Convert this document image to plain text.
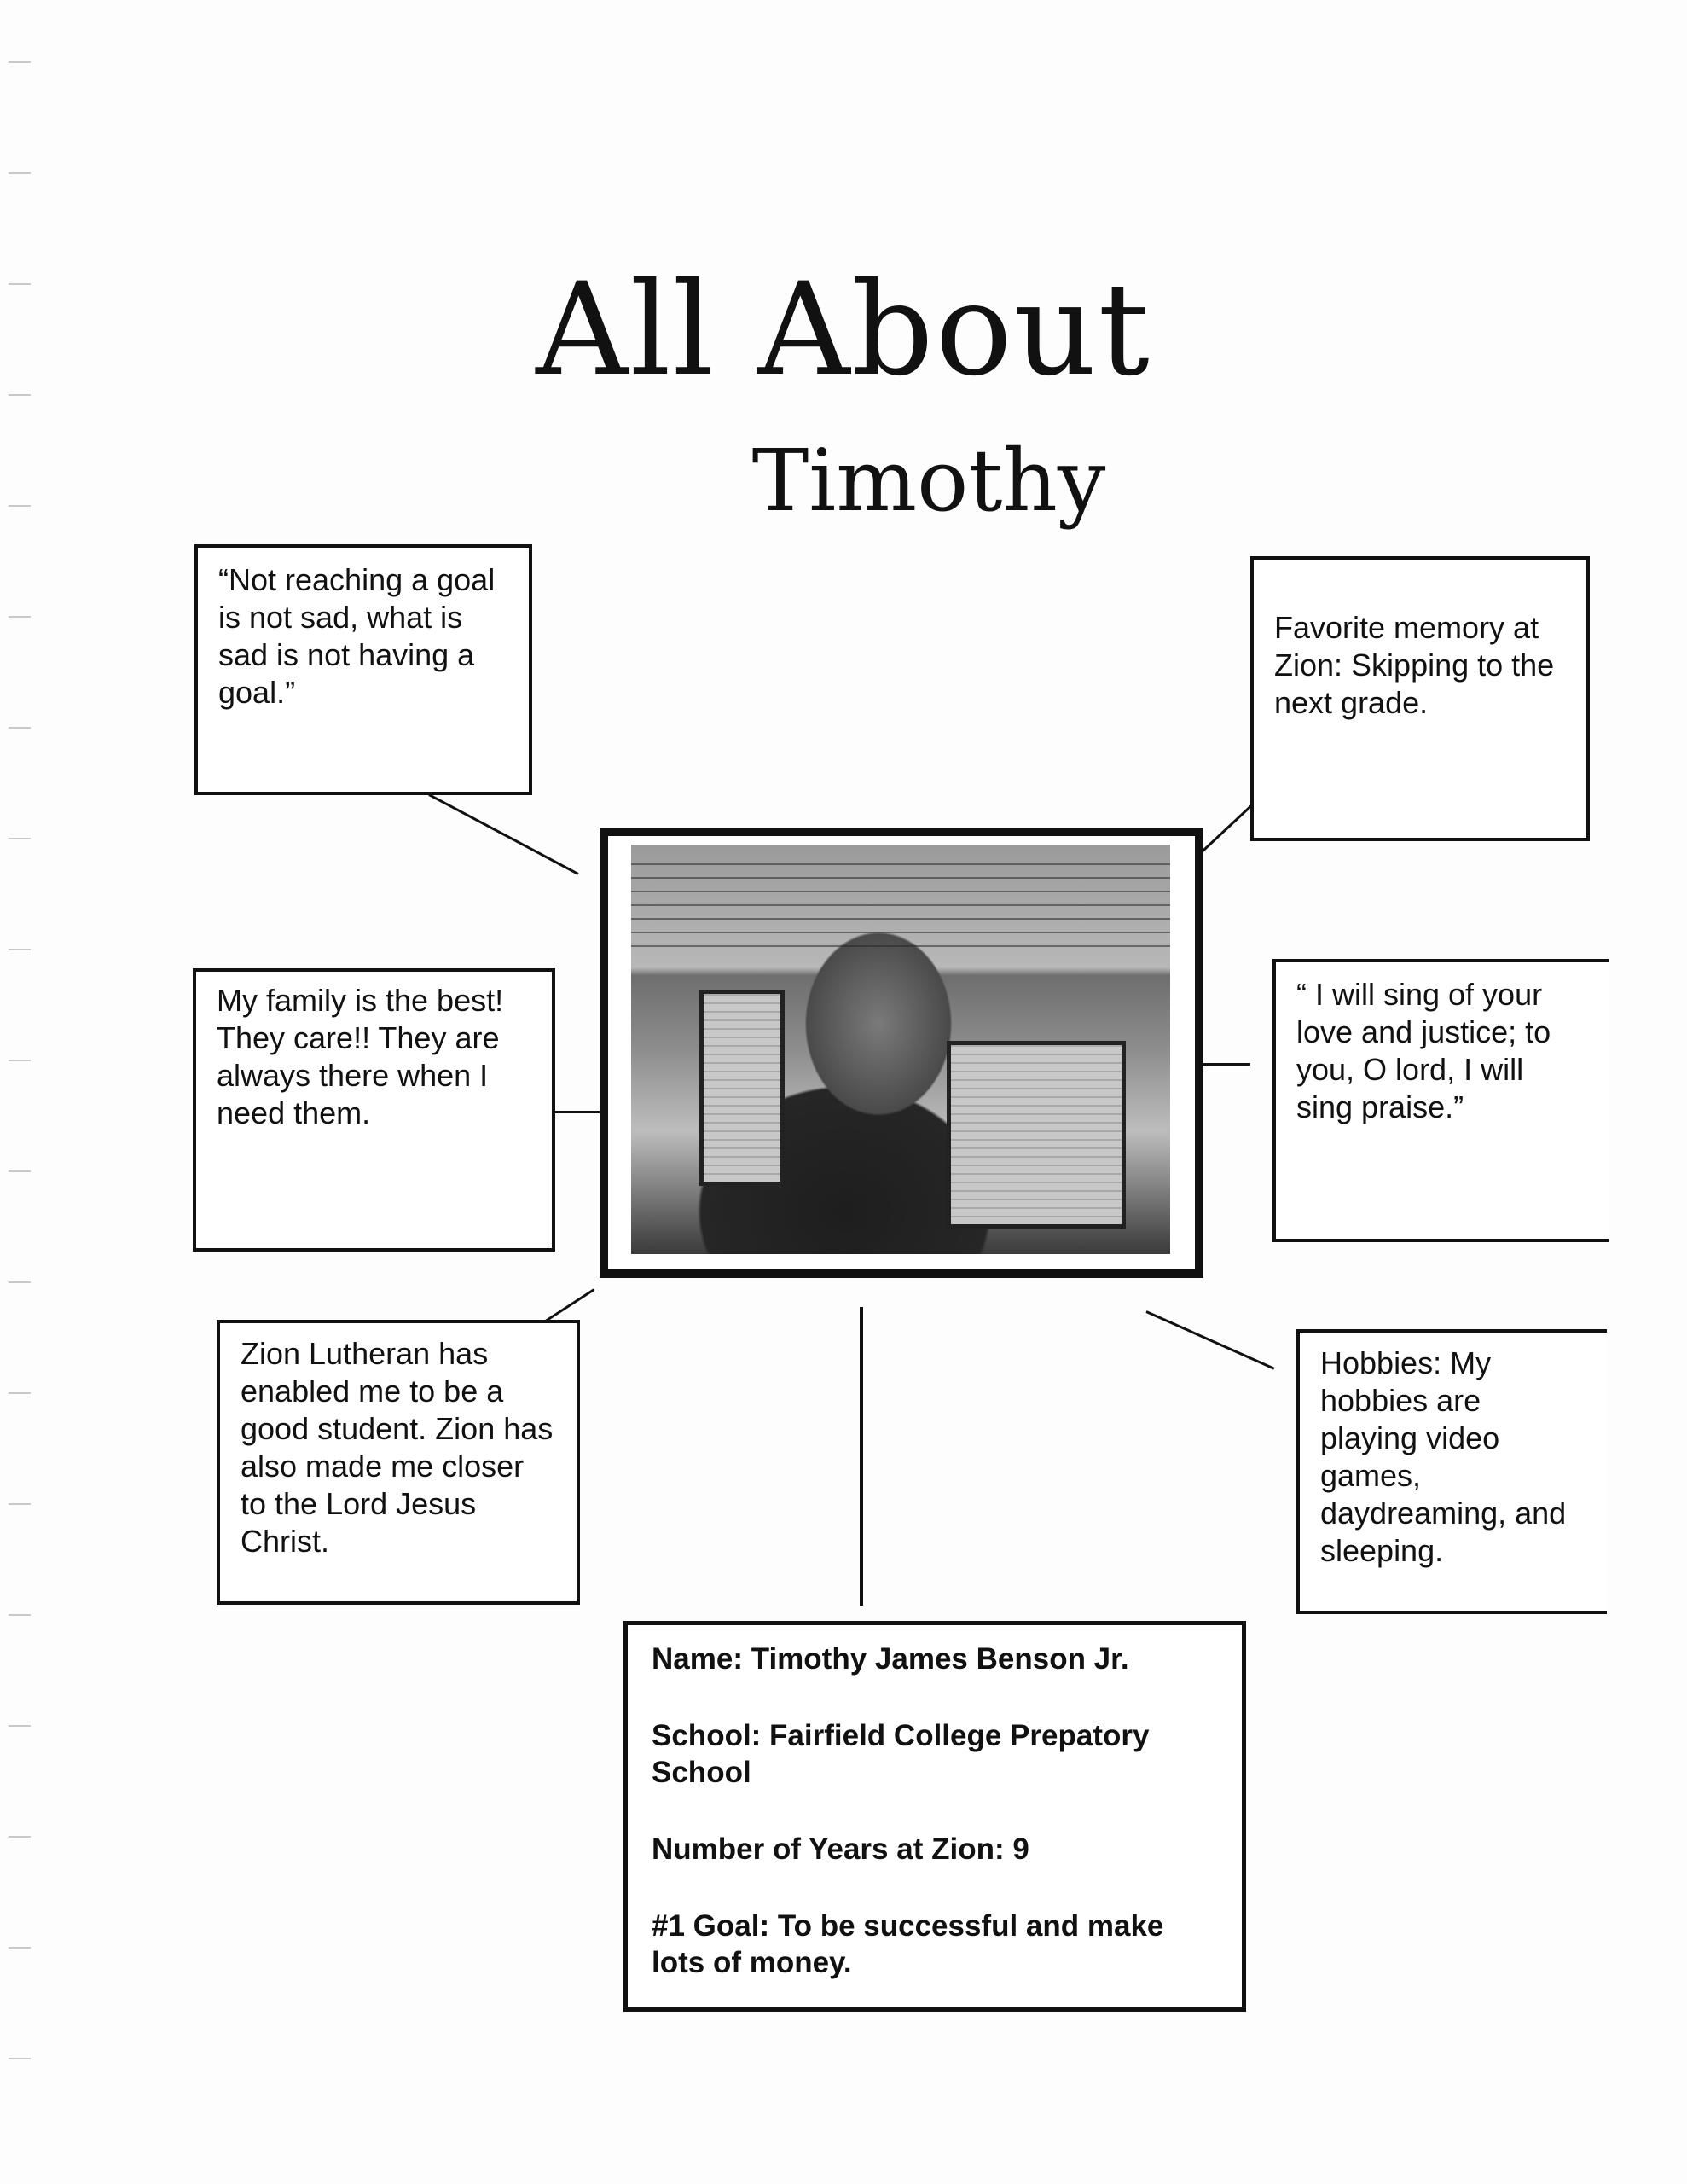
All About
Timothy
“Not reaching a goal is not sad, what is sad is not having a goal.”
Favorite memory at Zion: Skipping to the next grade.
My family is the best! They care!! They are always there when I need them.
“ I will sing of your love and justice; to you, O lord, I will sing praise.”
Zion Lutheran has enabled me to be a good student. Zion has also made me closer to the Lord Jesus Christ.
Hobbies: My hobbies are playing video games, daydreaming, and sleeping.

Name: Timothy James Benson Jr.

School: Fairfield College Prepatory School

Number of Years at Zion: 9

#1 Goal: To be successful and make lots of money.
